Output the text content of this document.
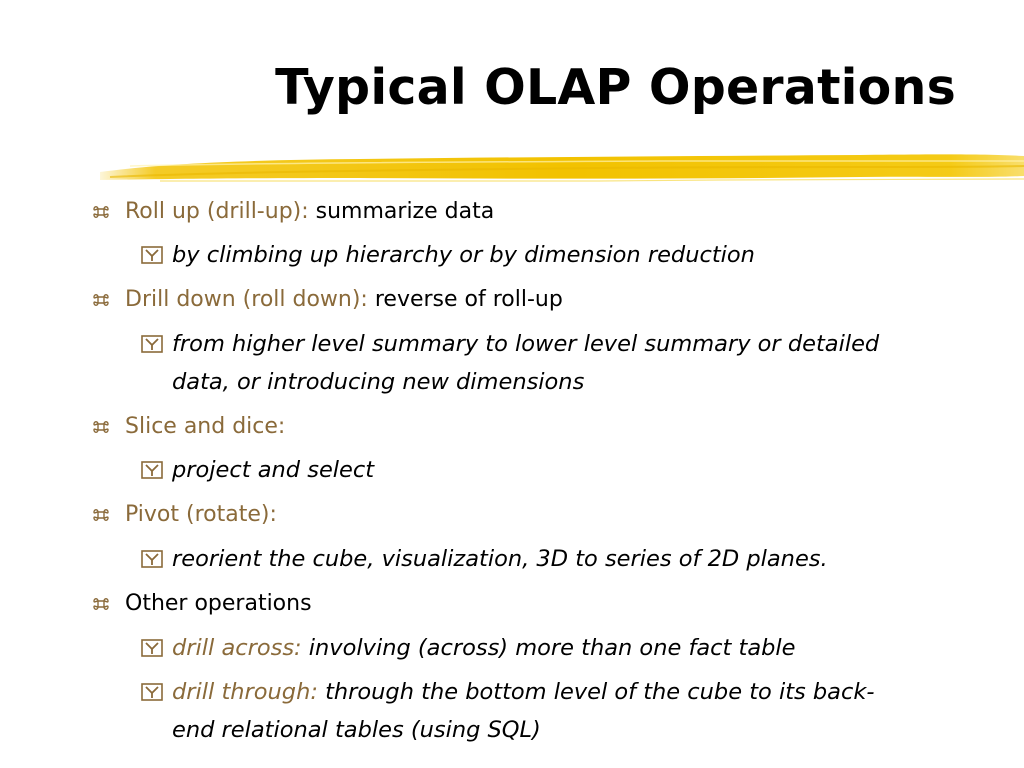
Typical OLAP Operations
Roll up (drill-up): summarize data
by climbing up hierarchy or by dimension reduction
Drill down (roll down): reverse of roll-up
from higher level summary to lower level summary or detailed
data, or introducing new dimensions
Slice and dice:
project and select
Pivot (rotate):
reorient the cube, visualization, 3D to series of 2D planes.
Other operations
drill across: involving (across) more than one fact table
drill through: through the bottom level of the cube to its back-
end relational tables (using SQL)
